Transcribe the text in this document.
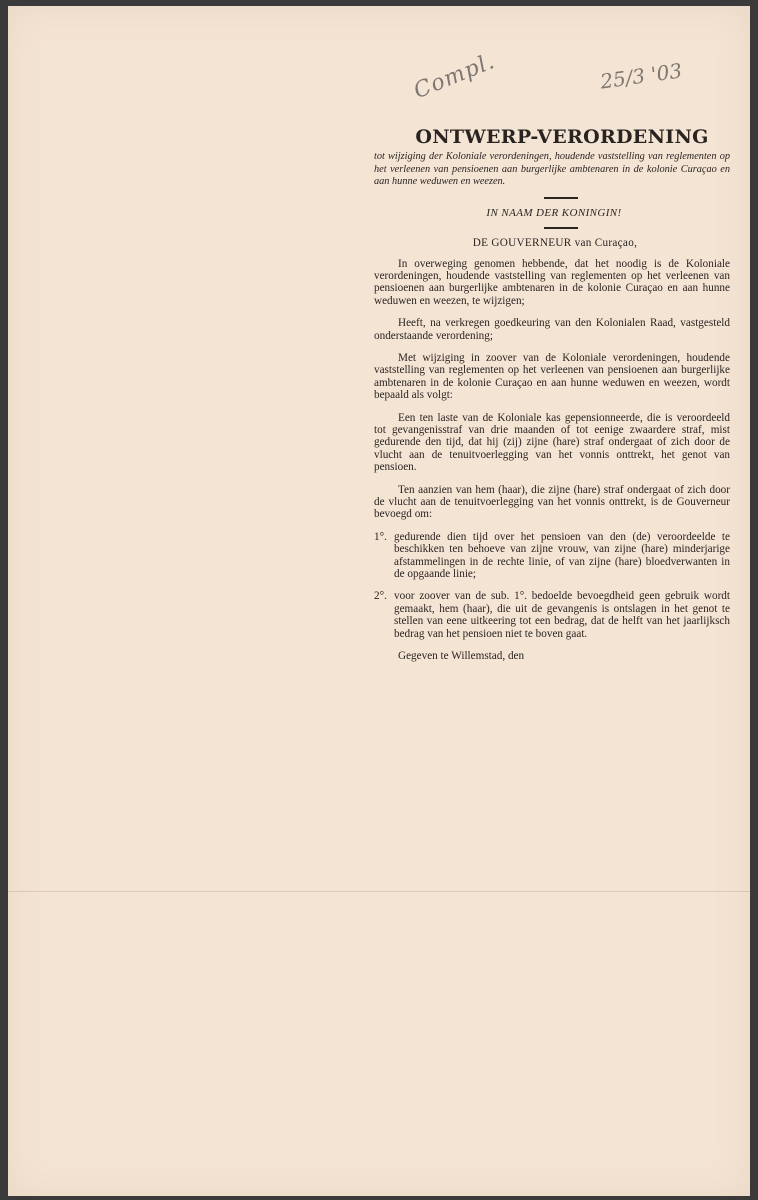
Compl.	25/3 '03
ONTWERP-VERORDENING
tot wijziging der Koloniale verordeningen, houdende vaststelling van reglementen op het verleenen van pensioenen aan burgerlijke ambtenaren in de kolonie Curaçao en aan hunne weduwen en weezen.
IN NAAM DER KONINGIN!
DE GOUVERNEUR van Curaçao,

In overweging genomen hebbende, dat het noodig is de Koloniale verordeningen, houdende vaststelling van reglementen op het verleenen van pensioenen aan burgerlijke ambtenaren in de kolonie Curaçao en aan hunne weduwen en weezen, te wijzigen;

Heeft, na verkregen goedkeuring van den Kolonialen Raad, vastgesteld onderstaande verordening;

Met wijziging in zoover van de Koloniale verordeningen, houdende vaststelling van reglementen op het verleenen van pensioenen aan burgerlijke ambtenaren in de kolonie Curaçao en aan hunne weduwen en weezen, wordt bepaald als volgt:

Een ten laste van de Koloniale kas gepensionneerde, die is veroordeeld tot gevangenisstraf van drie maanden of tot eenige zwaardere straf, mist gedurende den tijd, dat hij (zij) zijne (hare) straf ondergaat of zich door de vlucht aan de tenuitvoerlegging van het vonnis onttrekt, het genot van pensioen.

Ten aanzien van hem (haar), die zijne (hare) straf ondergaat of zich door de vlucht aan de tenuitvoerlegging van het vonnis onttrekt, is de Gouverneur bevoegd om:

1°. gedurende dien tijd over het pensioen van den (de) veroordeelde te beschikken ten behoeve van zijne vrouw, van zijne (hare) minderjarige afstammelingen in de rechte linie, of van zijne (hare) bloedverwanten in de opgaande linie;
2°. voor zoover van de sub. 1°. bedoelde bevoegdheid geen gebruik wordt gemaakt, hem (haar), die uit de gevangenis is ontslagen in het genot te stellen van eene uitkeering tot een bedrag, dat de helft van het jaarlijksch bedrag van het pensioen niet te boven gaat.
Gegeven te Willemstad, den
